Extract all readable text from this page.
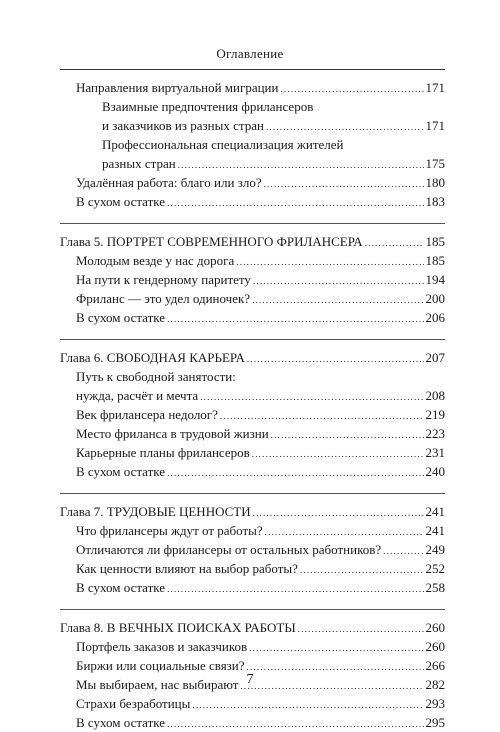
Оглавление
Направления виртуальной миграции .....	171
Взаимные предпочтения фрилансеров
и заказчиков из разных стран .....	171
Профессиональная специализация жителей
разных стран .....	175
Удалённая работа: благо или зло? .....	180
В сухом остатке .....	183
Глава 5. ПОРТРЕТ СОВРЕМЕННОГО ФРИЛАНСЕРА .....	185
Молодым везде у нас дорога .....	185
На пути к гендерному паритету .....	194
Фриланс — это удел одиночек? .....	200
В сухом остатке .....	206
Глава 6. СВОБОДНАЯ КАРЬЕРА .....	207
Путь к свободной занятости:
нужда, расчёт и мечта .....	208
Век фрилансера недолог? .....	219
Место фриланса в трудовой жизни .....	223
Карьерные планы фрилансеров .....	231
В сухом остатке .....	240
Глава 7. ТРУДОВЫЕ ЦЕННОСТИ .....	241
Что фрилансеры ждут от работы? .....	241
Отличаются ли фрилансеры от остальных работников? .....	249
Как ценности влияют на выбор работы? .....	252
В сухом остатке .....	258
Глава 8. В ВЕЧНЫХ ПОИСКАХ РАБОТЫ .....	260
Портфель заказов и заказчиков .....	260
Биржи или социальные связи? .....	266
Мы выбираем, нас выбирают .....	282
Страхи безработицы .....	293
В сухом остатке .....	295
7
